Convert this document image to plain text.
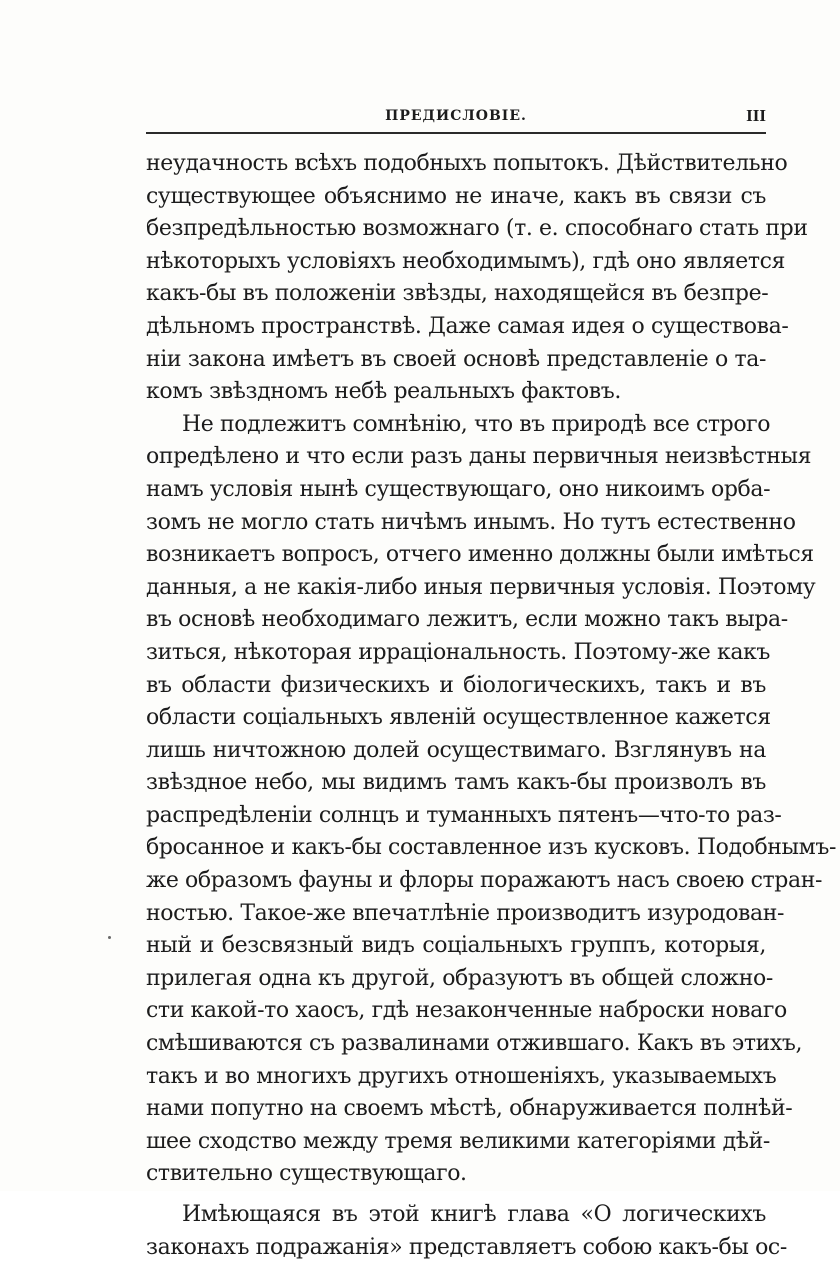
ПРЕДИСЛОВІЕ.	III
неудачность всѣхъ подобныхъ попытокъ. Дѣйствительно
существующее объяснимо не иначе, какъ въ связи съ
безпредѣльностью возможнаго (т. е. способнаго стать при
нѣкоторыхъ условіяхъ необходимымъ), гдѣ оно является
какъ-бы въ положеніи звѣзды, находящейся въ безпре-
дѣльномъ пространствѣ. Даже самая идея о существова-
ніи закона имѣетъ въ своей основѣ представленіе о та-
комъ звѣздномъ небѣ реальныхъ фактовъ.
Не подлежитъ сомнѣнію, что въ природѣ все строго
опредѣлено и что если разъ даны первичныя неизвѣстныя
намъ условія нынѣ существующаго, оно никоимъ орба-
зомъ не могло стать ничѣмъ инымъ. Но тутъ естественно
возникаетъ вопросъ, отчего именно должны были имѣться
данныя, а не какія-либо иныя первичныя условія. Поэтому
въ основѣ необходимаго лежитъ, если можно такъ выра-
зиться, нѣкоторая ирраціональность. Поэтому-же какъ
въ области физическихъ и біологическихъ, такъ и въ
области соціальныхъ явленій осуществленное кажется
лишь ничтожною долей осуществимаго. Взглянувъ на
звѣздное небо, мы видимъ тамъ какъ-бы произволъ въ
распредѣленіи солнцъ и туманныхъ пятенъ—что-то раз-
бросанное и какъ-бы составленное изъ кусковъ. Подобнымъ-
же образомъ фауны и флоры поражаютъ насъ своею стран-
ностью. Такое-же впечатлѣніе производитъ изуродован-
ный и безсвязный видъ соціальныхъ группъ, которыя,
прилегая одна къ другой, образуютъ въ общей сложно-
сти какой-то хаосъ, гдѣ незаконченные наброски новаго
смѣшиваются съ развалинами отжившаго. Какъ въ этихъ,
такъ и во многихъ другихъ отношеніяхъ, указываемыхъ
нами попутно на своемъ мѣстѣ, обнаруживается полнѣй-
шее сходство между тремя великими категоріями дѣй-
ствительно существующаго.
Имѣющаяся въ этой книгѣ глава «О логическихъ
законахъ подражанія» представляетъ собою какъ-бы ос-
